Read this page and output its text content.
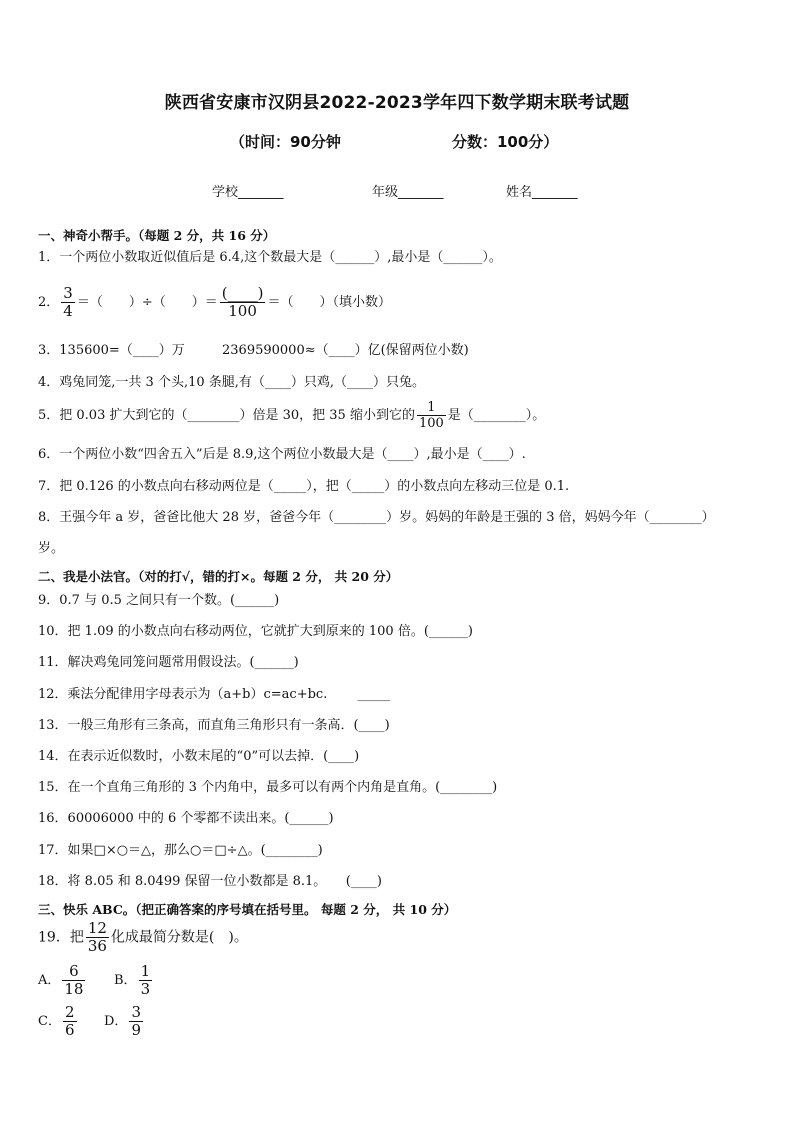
陕西省安康市汉阴县2022-2023学年四下数学期末联考试题
（时间：90分钟	分数：100分）
学校_______	年级_______	姓名_______
一、神奇小帮手。（每题 2 分，共 16 分）
1．一个两位小数取近似值后是 6.4,这个数最大是（______）,最小是（______）。
2． $\frac{3}{4}$ ＝（　　）÷（　　）＝ $\frac{(\_\_\_\_)}{100}$ ＝（　　）（填小数）
3．135600=（____）万	2369590000≈（____）亿(保留两位小数)
4．鸡兔同笼,一共 3 个头,10 条腿,有（____）只鸡,（____）只兔。
5．把 0.03 扩大到它的（________）倍是 30，把 35 缩小到它的 $\frac{1}{100}$ 是（________）。
6．一个两位小数“四舍五入”后是 8.9,这个两位小数最大是（____）,最小是（____）.
7．把 0.126 的小数点向右移动两位是（_____），把（_____）的小数点向左移动三位是 0.1.
8．王强今年 a 岁，爸爸比他大 28 岁，爸爸今年（________）岁。妈妈的年龄是王强的 3 倍，妈妈今年（________）
岁。
二、我是小法官。（对的打√，错的打×。每题 2 分， 共 20 分）
9．0.7 与 0.5 之间只有一个数。(______)
10．把 1.09 的小数点向右移动两位，它就扩大到原来的 100 倍。(______)
11．解决鸡兔同笼问题常用假设法。(______)
12．乘法分配律用字母表示为（a+b）c=ac+bc.　　 _____
13．一般三角形有三条高，而直角三角形只有一条高．(____)
14．在表示近似数时，小数末尾的“0”可以去掉．(____)
15．在一个直角三角形的 3 个内角中，最多可以有两个内角是直角。(________)
16．60006000 中的 6 个零都不读出来。(______)
17．如果□×○＝△，那么○＝□÷△。(________)
18．将 8.05 和 8.0499 保留一位小数都是 8.1。　　(____)
三、快乐 ABC。（把正确答案的序号填在括号里。 每题 2 分， 共 10 分）
19．把 $\frac{12}{36}$ 化成最简分数是(　)。
A． $\frac{6}{18}$ B． $\frac{1}{3}$
C． $\frac{2}{6}$ D． $\frac{3}{9}$
